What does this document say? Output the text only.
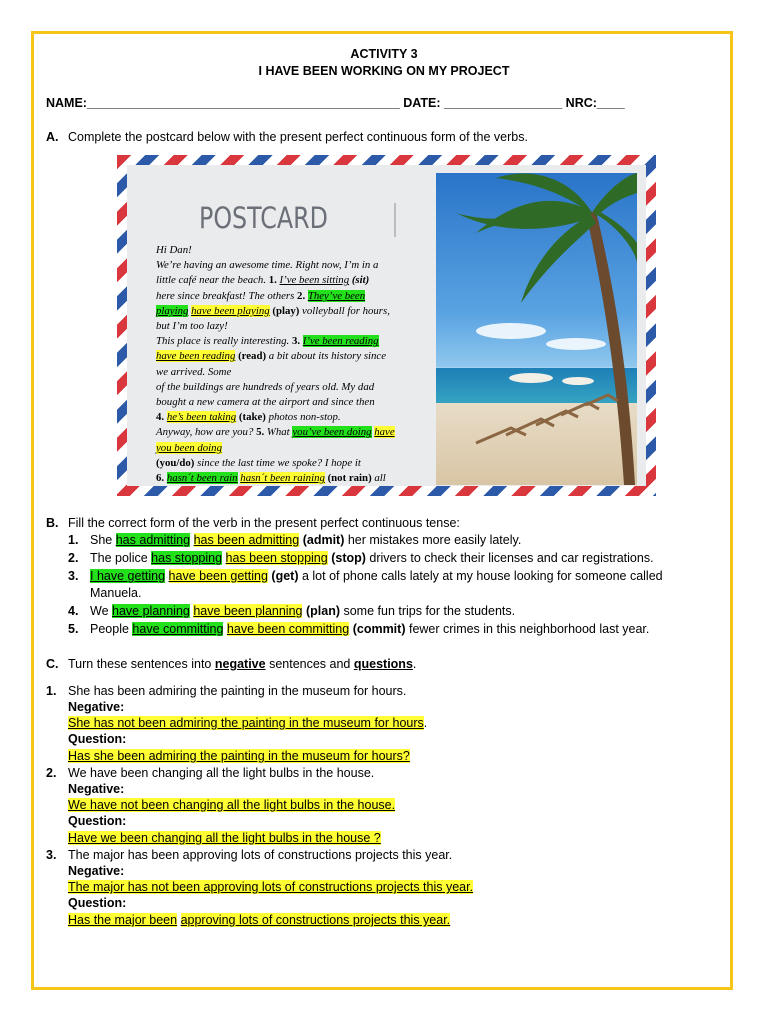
ACTIVITY 3
I HAVE BEEN WORKING ON MY PROJECT
NAME:_____________________________________________ DATE: _________________ NRC:____
A. Complete the postcard below with the present perfect continuous form of the verbs.
POSTCARD
Hi Dan!
We’re having an awesome time. Right now, I’m in a
little café near the beach. 1. I’ve been sitting (sit)
here since breakfast! The others 2. They’ve been
playing have been playing (play) volleyball for hours,
but I’m too lazy!
This place is really interesting. 3. I’ve been reading
have been reading (read) a bit about its history since
we arrived. Some
of the buildings are hundreds of years old. My dad
bought a new camera at the airport and since then
4. he’s been taking (take) photos non-stop.
Anyway, how are you? 5. What you’ve been doing have
you been doing
(you/do) since the last time we spoke? I hope it
6. hasn´t been rain hasn´t been raining (not rain) all
B. Fill the correct form of the verb in the present perfect continuous tense:
1. She has admitting has been admitting (admit) her mistakes more easily lately.
2. The police has stopping has been stopping (stop) drivers to check their licenses and car registrations.
3. I have getting have been getting (get) a lot of phone calls lately at my house looking for someone called
Manuela.
4. We have planning have been planning (plan) some fun trips for the students.
5. People have committing have been committing (commit) fewer crimes in this neighborhood last year.
C. Turn these sentences into negative sentences and questions.
1. She has been admiring the painting in the museum for hours.
Negative:
She has not been admiring the painting in the museum for hours.
Question:
Has she been admiring the painting in the museum for hours?
2. We have been changing all the light bulbs in the house.
Negative:
We have not been changing all the light bulbs in the house.
Question:
Have we been changing all the light bulbs in the house ?
3. The major has been approving lots of constructions projects this year.
Negative:
The major has not been approving lots of constructions projects this year.
Question:
Has the major been approving lots of constructions projects this year.
